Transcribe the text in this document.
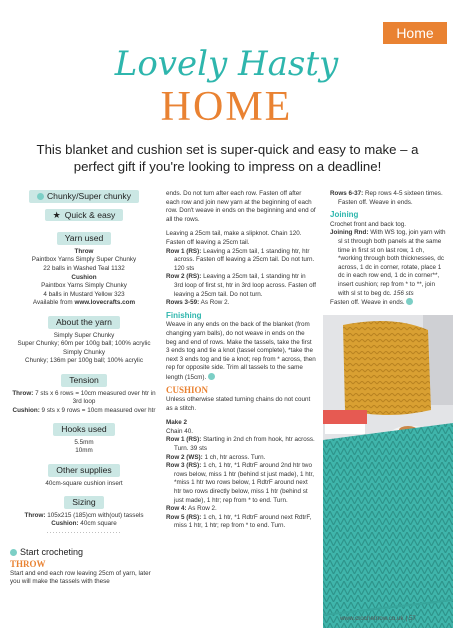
Home
Lovely Hasty
HOME
This blanket and cushion set is super-quick and easy to make – a perfect gift if you're looking to impress on a deadline!
Chunky/Super chunky
★ Quick & easy
Yarn used

Throw

Paintbox Yarns Simply Super Chunky

22 balls in Washed Teal 1132

Cushion

Paintbox Yarns Simply Chunky

4 balls in Mustard Yellow 323

Available from www.lovecrafts.com

About the yarn

Simply Super Chunky

Super Chunky; 60m per 100g ball; 100% acrylic

Simply Chunky

Chunky; 136m per 100g ball; 100% acrylic

Tension

Throw: 7 sts x 6 rows = 10cm measured over htr in 3rd loop

Cushion: 9 sts x 9 rows = 10cm measured over htr

Hooks used

5.5mm

10mm

Other supplies

40cm-square cushion insert

Sizing

Throw: 105x215 (185)cm with(out) tassels

Cushion: 40cm square

·························

Start crocheting
THROW

Start and end each row leaving 25cm of yarn, later you will make the tassels with these

ends. Do not turn after each row. Fasten off after each row and join new yarn at the beginning of each row. Don't weave in ends on the beginning and end of all the rows.

Leaving a 25cm tail, make a slipknot. Chain 120. Fasten off leaving a 25cm tail.

Row 1 (RS): Leaving a 25cm tail, 1 standing htr, htr across. Fasten off leaving a 25cm tail. Do not turn. 120 sts

Row 2 (RS): Leaving a 25cm tail, 1 standing htr in 3rd loop of first st, htr in 3rd loop across. Fasten off leaving a 25cm tail. Do not turn.

Rows 3-59: As Row 2.

Finishing

Weave in any ends on the back of the blanket (from changing yarn balls), do not weave in ends on the beg and end of rows. Make the tassels, take the first 3 ends tog and tie a knot (tassel complete), *take the next 3 ends tog and tie a knot; rep from * across, then rep for opposite side. Trim all tassels to the same length (15cm).

CUSHION

Unless otherwise stated turning chains do not count as a stitch.

Make 2

Chain 40.

Row 1 (RS): Starting in 2nd ch from hook, htr across. Turn. 39 sts

Row 2 (WS): 1 ch, htr across. Turn.

Row 3 (RS): 1 ch, 1 htr, *1 RdtrF around 2nd htr two rows below, miss 1 htr (behind st just made), 1 htr, *miss 1 htr two rows below, 1 RdtrF around next htr two rows directly below, miss 1 htr (behind st just made), 1 htr; rep from * to end. Turn.

Row 4: As Row 2.

Row 5 (RS): 1 ch, 1 htr, *1 RdtrF around next RdtrF, miss 1 htr, 1 htr; rep from * to end. Turn.

Rows 6-37: Rep rows 4-5 sixteen times. Fasten off. Weave in ends.

Joining

Crochet front and back tog.

Joining Rnd: With WS tog, join yarn with sl st through both panels at the same time in first st on last row, 1 ch, *working through both thicknesses, dc across, 1 dc in corner, rotate, place 1 dc in each row end, 1 dc in corner**, insert cushion; rep from * to **, join with sl st to beg dc. 156 sts

Fasten off. Weave in ends.

www.crochetnow.co.uk | 57
